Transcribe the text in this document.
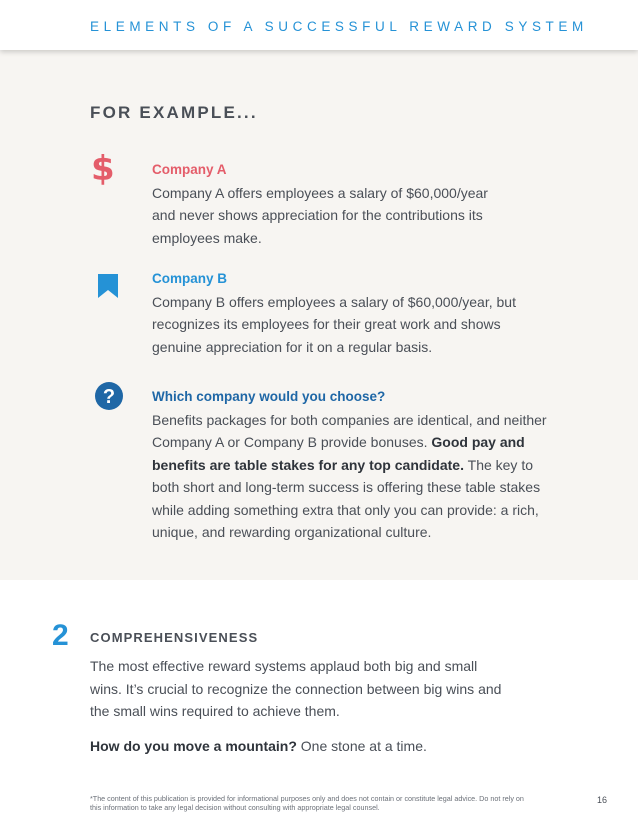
ELEMENTS OF A SUCCESSFUL REWARD SYSTEM
FOR EXAMPLE...
$	Company A
Company A offers employees a salary of $60,000/year and never shows appreciation for the contributions its employees make.
Company B
Company B offers employees a salary of $60,000/year, but recognizes its employees for their great work and shows genuine appreciation for it on a regular basis.
?	Which company would you choose?
Benefits packages for both companies are identical, and neither Company A or Company B provide bonuses. Good pay and benefits are table stakes for any top candidate. The key to both short and long-term success is offering these table stakes while adding something extra that only you can provide: a rich, unique, and rewarding organizational culture.
2 COMPREHENSIVENESS
The most effective reward systems applaud both big and small wins. It’s crucial to recognize the connection between big wins and the small wins required to achieve them.
How do you move a mountain? One stone at a time.
*The content of this publication is provided for informational purposes only and does not contain or constitute legal advice. Do not rely on this information to take any legal decision without consulting with appropriate legal counsel.
16
